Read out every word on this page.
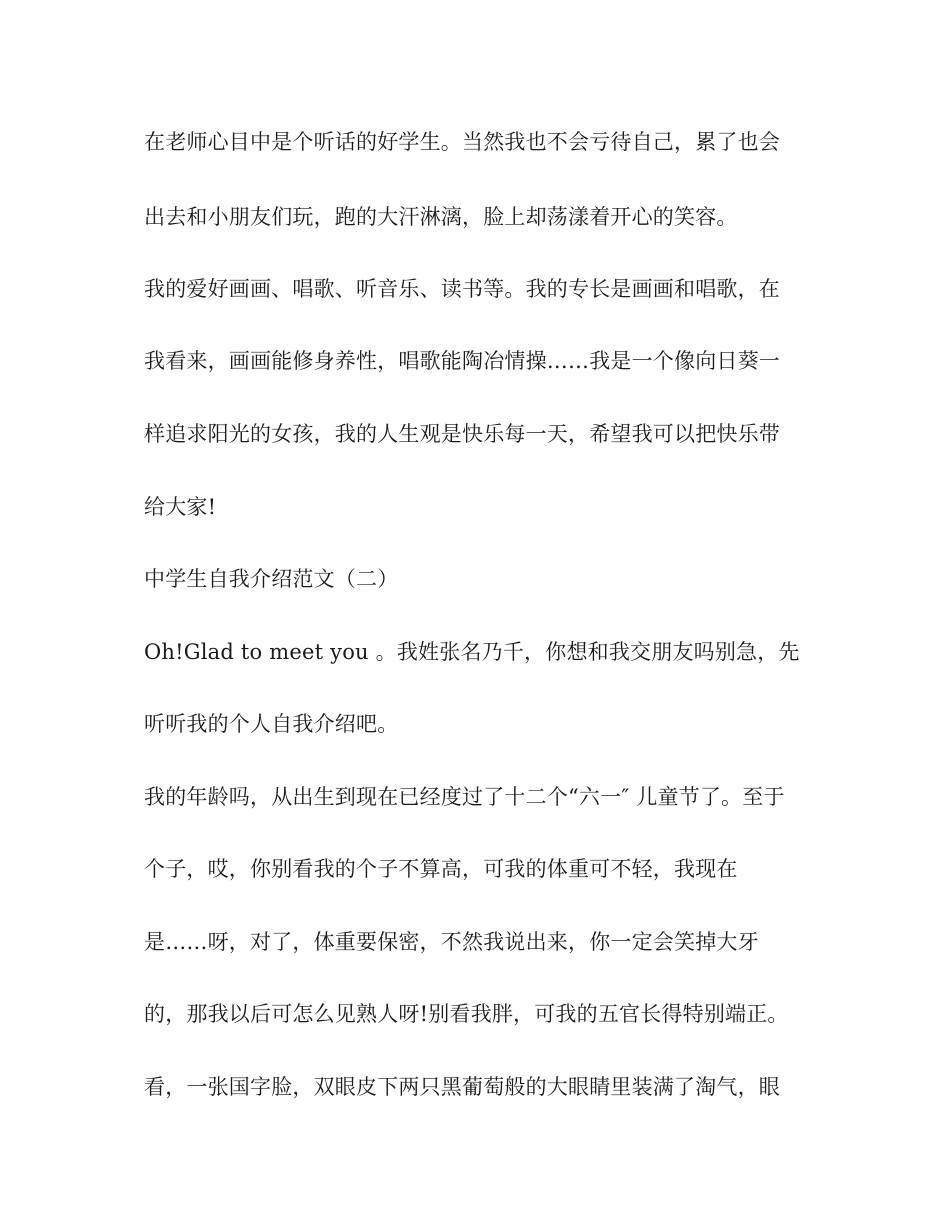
在老师心目中是个听话的好学生。当然我也不会亏待自己，累了也会
出去和小朋友们玩，跑的大汗淋漓，脸上却荡漾着开心的笑容。
我的爱好画画、唱歌、听音乐、读书等。我的专长是画画和唱歌，在
我看来，画画能修身养性，唱歌能陶冶情操……我是一个像向日葵一
样追求阳光的女孩，我的人生观是快乐每一天，希望我可以把快乐带
给大家!
中学生自我介绍范文（二）
Oh!Glad to meet you 。我姓张名乃千，你想和我交朋友吗别急，先
听听我的个人自我介绍吧。
我的年龄吗，从出生到现在已经度过了十二个“六一″ 儿童节了。至于
个子，哎，你别看我的个子不算高，可我的体重可不轻，我现在
是……呀，对了，体重要保密，不然我说出来，你一定会笑掉大牙
的，那我以后可怎么见熟人呀!别看我胖，可我的五官长得特别端正。
看，一张国字脸，双眼皮下两只黑葡萄般的大眼睛里装满了淘气，眼
